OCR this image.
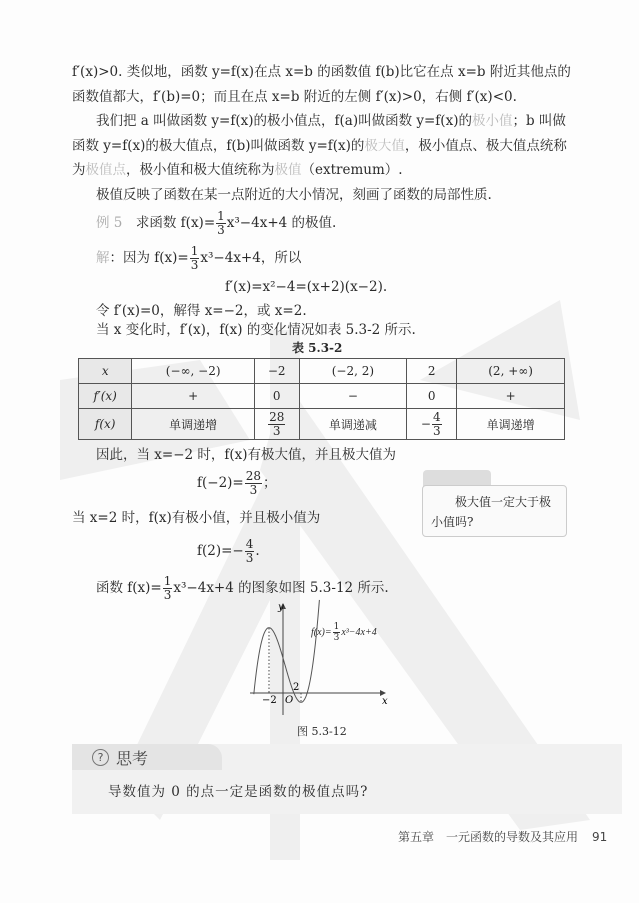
f′(x)>0. 类似地，函数 y=f(x)在点 x=b 的函数值 f(b)比它在点 x=b 附近其他点的
函数值都大，f′(b)=0；而且在点 x=b 附近的左侧 f′(x)>0，右侧 f′(x)<0.
我们把 a 叫做函数 y=f(x)的极小值点，f(a)叫做函数 y=f(x)的极小值；b 叫做
函数 y=f(x)的极大值点，f(b)叫做函数 y=f(x)的极大值，极小值点、极大值点统称
为极值点，极小值和极大值统称为极值（extremum）.
极值反映了函数在某一点附近的大小情况，刻画了函数的局部性质.
例 5　 求函数 $f(x)= \frac{1}{3} x^3-4x+4$ 的极值.
解：因为 $f(x)= \frac{1}{3} x^3-4x+4$，所以
f′(x)=x²−4=(x+2)(x−2).
令 f′(x)=0，解得 x=−2，或 x=2.
当 x 变化时，f′(x)，f(x) 的变化情况如表 5.3-2 所示.
表 5.3-2
x	(−∞, −2)	−2	(−2, 2)	2	(2, +∞)
f′(x)	+	0	−	0	+
f(x)	单调递增	$\frac{28}{3}$	单调递减	− $\frac{4}{3}$	单调递增
因此，当 x=−2 时，f(x)有极大值，并且极大值为
$f(-2)= \frac{28}{3}$ ；
当 x=2 时，f(x)有极小值，并且极小值为
$f(2)=- \frac{4}{3}$ .
函数 $f(x)= \frac{1}{3} x^3-4x+4$ 的图象如图 5.3-12 所示.
极大值一定大于极小值吗?
y
x
O
−2
2
$f(x)= \frac{1}{3} x^3-4x+4$
图 5.3-12
? 思考
导数值为 0 的点一定是函数的极值点吗?
第五章　一元函数的导数及其应用 91
